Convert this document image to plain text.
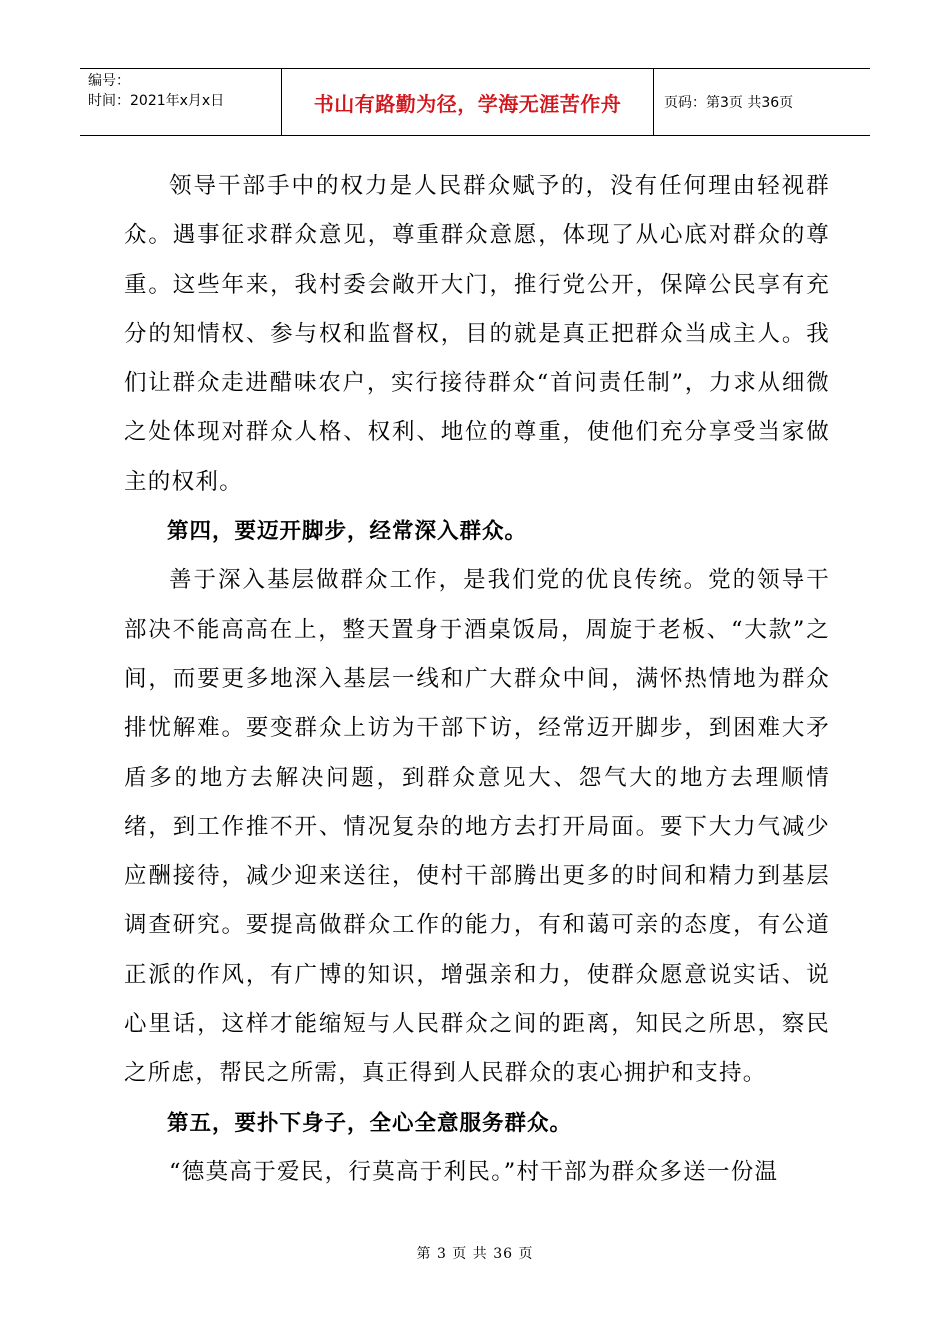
编号：
时间：2021年x月x日	书山有路勤为径，学海无涯苦作舟	页码：第3页 共36页

领导干部手中的权力是人民群众赋予的，没有任何理由轻视群众。遇事征求群众意见，尊重群众意愿，体现了从心底对群众的尊重。这些年来，我村委会敞开大门，推行党公开，保障公民享有充分的知情权、参与权和监督权，目的就是真正把群众当成主人。我们让群众走进醋味农户，实行接待群众“首问责任制”，力求从细微之处体现对群众人格、权利、地位的尊重，使他们充分享受当家做主的权利。

第四，要迈开脚步，经常深入群众。

善于深入基层做群众工作，是我们党的优良传统。党的领导干部决不能高高在上，整天置身于酒桌饭局，周旋于老板、“大款”之间，而要更多地深入基层一线和广大群众中间，满怀热情地为群众排忧解难。要变群众上访为干部下访，经常迈开脚步，到困难大矛盾多的地方去解决问题，到群众意见大、怨气大的地方去理顺情绪，到工作推不开、情况复杂的地方去打开局面。要下大力气减少应酬接待，减少迎来送往，使村干部腾出更多的时间和精力到基层调查研究。要提高做群众工作的能力，有和蔼可亲的态度，有公道正派的作风，有广博的知识，增强亲和力，使群众愿意说实话、说心里话，这样才能缩短与人民群众之间的距离，知民之所思，察民之所虑，帮民之所需，真正得到人民群众的衷心拥护和支持。

第五，要扑下身子，全心全意服务群众。

“德莫高于爱民，行莫高于利民。”村干部为群众多送一份温

第 3 页 共 36 页
